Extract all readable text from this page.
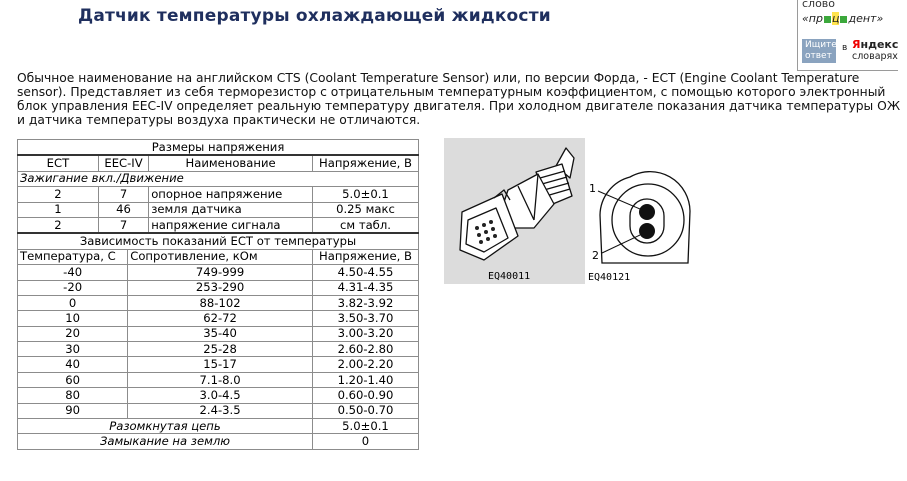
Датчик температуры охлаждающей жидкости
слово
«пр ц дент»
Ищите ответ
в Яндекс
словарях
Обычное наименование на английском CTS (Coolant Temperature Sensor) или, по версии Форда, - ECT (Engine Coolant Temperature
sensor). Представляет из себя терморезистор с отрицательным температурным коэффициентом, с помощью которого электронный
блок управления EEC-IV определяет реальную температуру двигателя. При холодном двигателе показания датчика температуры ОЖ
и датчика температуры воздуха практически не отличаются.
Размеры напряжения				
ECT	EEC-IV		Наименование	Напряжение, В
Зажигание вкл./Движение				
2	7		опорное напряжение	5.0±0.1
1	46		земля датчика	0.25 макс
2	7		напряжение сигнала	см табл.
Зависимость показаний ECT от температуры				
Температура, С		Сопротивление, кОм		Напряжение, В
-40		749-999		4.50-4.55
-20		253-290		4.31-4.35
0		88-102		3.82-3.92
10		62-72		3.50-3.70
20		35-40		3.00-3.20
30		25-28		2.60-2.80
40		15-17		2.00-2.20
60		7.1-8.0		1.20-1.40
80		3.0-4.5		0.60-0.90
90		2.4-3.5		0.50-0.70
Разомкнутая цепь				5.0±0.1
Замыкание на землю				0
EQ40011
1
2
EQ40121
